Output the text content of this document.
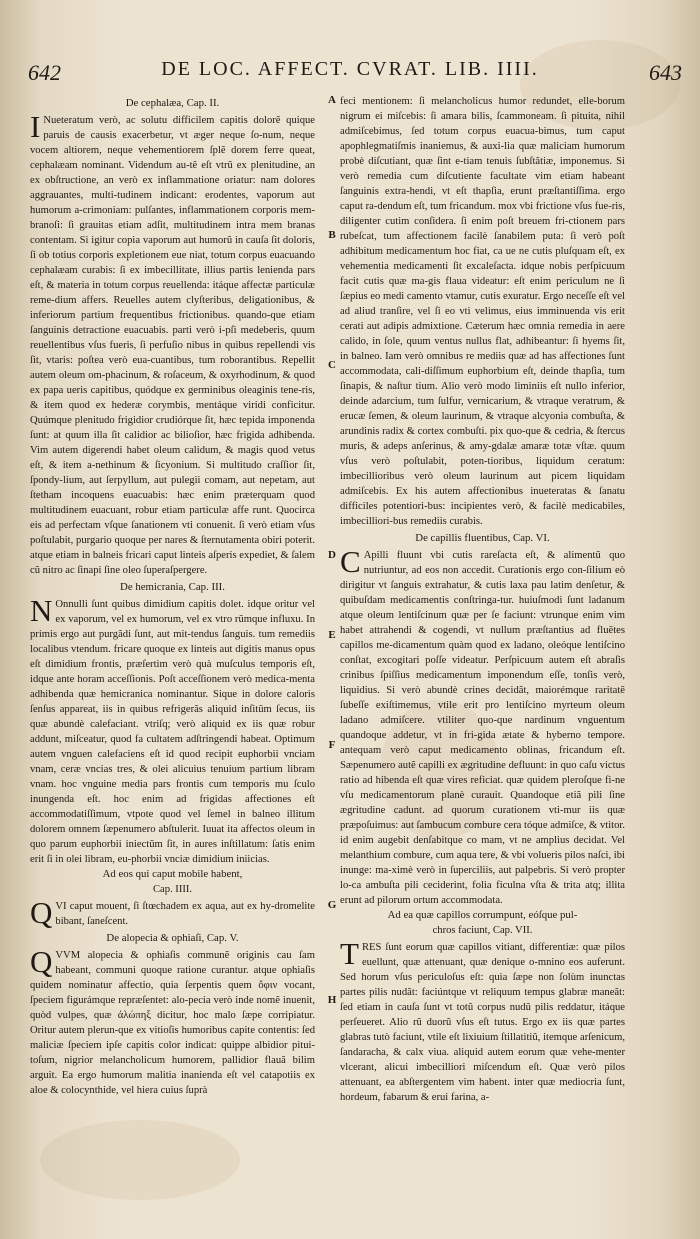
642	DE LOC. AFFECT. CVRAT. LIB. IIII.	643
De cephalæa, Cap. II.

INueteratum verò, ac solutu difficilem capitis dolorẽ quique paruis de causis exacerbetur, vt æger neque ſo-num, neque vocem altiorem, neque vehementiorem ſplẽ dorem ferre queat, cephalæam nominant. Videndum au-tẽ eſt vtrũ ex plenitudine, an ex obſtructione, an verò ex inflammatione oriatur: nam dolores aggrauantes, multi-tudinem indicant: erodentes, vaporum aut humorum a-crimoniam: pulſantes, inflammationem corporis mem-branoſi: ſi grauitas etiam adſit, multitudinem intra mem branas contentam. Si igitur copia vaporum aut humorũ in cauſa ſit doloris, ſi ob totius corporis expletionem eue niat, totum corpus euacuando cephalæam curabis: ſi ex imbecillitate, illius partis lenienda pars eſt, & materia in totum corpus reuellenda: itáque affectæ particulæ reme-dium affers. Reuelles autem clyſteribus, deligationibus, & inferiorum partium frequentibus frictionibus. quando-que etiam ſanguinis detractione euacuabis. parti verò i-pſi medeberis, quum reuellentibus vſus fueris, ſi perfuſio nibus in quibus repellendi vis ſit, vtaris: poſtea verò eua-cuantibus, tum roborantibus. Repellit autem oleum om-phacinum, & roſaceum, & oxyrhodinum, & quod ex papa ueris capitibus, quódque ex germinibus oleaginis tene-ris, & item quod ex hederæ corymbis, mentáque viridi conficitur. Quúmque plenitudo frigidior crudiórque ſit, hæc tepida imponenda ſunt: at quum illa ſit calidior ac bilioſior, hæc frigida adhibenda. Vim autem digerendi habet oleum calidum, & magis quod vetus eſt, & item a-nethinum & ſicyonium. Si multitudo craſſior ſit, ſpondy-lium, aut ſerpyllum, aut pulegii comam, aut nepetam, aut ſtetham incoquens euacuabis: hæc enim præterquam quod multitudinem euacuant, robur etiam particulæ affe runt. Quocirca eis ad perfectam vſque ſanationem vti conuenit. ſi verò etiam vſus poſtulabit, purgario quoque per nares & ſternutamenta obiri poterit. atque etiam in balneis fricari caput linteis aſperis expediet, & ſalem cũ nitro ac ſinapi ſine oleo ſuperaſpergere.

De hemicrania, Cap. III.

NOnnulli ſunt quibus dimidium capitis dolet. idque oritur vel ex vaporum, vel ex humorum, vel ex vtro rũmque influxu. In primis ergo aut purgãdi ſunt, aut mit-tendus ſanguis. tum remediis localibus vtendum. fricare quoque ex linteis aut digitis manus opus eſt dimidium frontis, præſertim verò quà muſculus temporis eſt, idque ante horam acceſſionis. Poſt acceſſionem verò medica-menta adhibenda quæ hemicranica nominantur. Sique in dolore caloris ſenſus appareat, iis in quibus refrigerãs aliquid inſitũm ſecus, iis quæ abundè calefaciant. vtriſq; verò aliquid ex iis quæ robur addunt, miſceatur, quod fa cultatem adſtringendi habeat. Optimum autem vnguen calefaciens eſt id quod recipit euphorbii vnciam vnam, ceræ vncias tres, & olei alicuius tenuium partium libram vnam. hoc vnguine media pars frontis cum temporis mu ſculo inungenda eſt. hoc enim ad frigidas affectiones eſt accommodatiſſimum, vtpote quod vel ſemel in balneo illitum dolorem omnem ſæpenumero abſtulerit. Iuuat ita affectos oleum in quo parum euphorbii iniectũm ſit, in aures inſtillatum: ſatis enim erit ſi in olei libram, eu-phorbii vnciæ dimidium iniicias.

Ad eos qui caput mobile habent,
Cap. IIII.

QVI caput mouent, ſi ſtœchadem ex aqua, aut ex hy-dromelite bibant, ſaneſcent.

De alopecia & ophiaſi, Cap. V.

QVVM alopecia & ophiaſis communẽ originis cau ſam habeant, communi quoque ratione curantur. atque ophiaſis quidem nominatur affectio, quia ſerpentis quem ὄφιν vocant, ſpeciem figurámque repræſentet: alo-pecia verò inde nomẽ inuenit, quòd vulpes, quæ ἀλώπηξ dicitur, hoc malo ſæpe corripiatur. Oritur autem plerun-que ex vitioſis humoribus capite contentis: ſed maliciæ ſpeciem ipſe capitis color indicat: quippe albidior pitui-toſum, nigrior melancholicum humorem, pallidior flauã bilim arguit. Ea ergo humorum malitia inanienda eſt vel catapotiis ex aloe & colocynthide, vel hiera cuius ſuprà

A
B
C
D
E
F
G
H

feci mentionem: ſi melancholicus humor redundet, elle-borum nigrum ei miſcebis: ſi amara bilis, ſcammoneam. ſi pituita, nihil admiſcebimus, ſed totum corpus euacua-bimus, tum caput apophlegmatiſmis inaniemus, & auxi-lia quæ maliciam humorum probè diſcutiant, quæ ſint e-tiam tenuis ſubſtãtiæ, imponemus. Si verò remedia cum diſcutiente facultate vim etiam habeant ſanguinis extra-hendi, vt eſt thapſia, erunt præſtantiſſima. ergo caput ra-dendum eſt, tum fricandum. mox vbi frictione vſus fue-ris, diligenter cutim conſidera. ſi enim poſt breuem fri-ctionem pars rubeſcat, tum affectionem facilè ſanabilem puta: ſi verò poſt adhibitum medicamentum hoc fiat, ca ue ne cutis pluſquam eſt, ex vehementia medicamenti ſit excaleſacta. idque nobis perſpicuum facit cutis quæ ma-gis flaua videatur: eſt enim periculum ne ſi ſæpius eo medi camento vtamur, cutis exuratur. Ergo neceſſe eſt vel ad aliud tranſire, vel ſi eo vti velimus, eius imminuenda vis erit cerati aut adipis admixtione. Cæterum hæc omnia remedia in aere calido, in ſole, quum ventus nullus flat, adhibeantur: ſi hyems ſit, in balneo. Iam verò omnibus re mediis quæ ad has affectiones ſunt accommodata, cali-diſſimum euphorbium eſt, deinde thapſia, tum ſinapis, & naſtur tium. Alio verò modo liminiis eſt nullo inferior, deinde adarcium, tum ſulfur, vernicarium, & vtraque veratrum, & erucæ ſemen, & oleum laurinum, & vtraque alcyonia combuſta, & arundinis radix & cortex combuſti. pix quo-que & cedria, & ſtercus muris, & adeps anſerinus, & amy-gdalæ amaræ totæ vſtæ. quum vſus verò poſtulabit, poten-tioribus, liquidum ceratum: imbecillioribus verò oleum laurinum aut picem liquidam admiſcebis. Ex his autem affectionibus inueteratas & ſanatu difficiles potentiori-bus: incipientes verò, & facilè medicabiles, imbecilliori-bus remediis curabis.

De capillis fluentibus, Cap. VI.

CApilli fluunt vbi cutis rareſacta eſt, & alimentũ quo nutriuntur, ad eos non accedit. Curationis ergo con-ſilium eò dirigitur vt ſanguis extrahatur, & cutis laxa pau latim denſetur, & quibuſdam medicamentis conſtringa-tur. huiuſmodi ſunt ladanum atque oleum lentiſcinum quæ per ſe faciunt: vtrunque enim vim habet attrahendi & cogendi, vt nullum præſtantius ad fluẽtes capillos me-dicamentum quàm quod ex ladano, oleóque lentiſcino conſtat, excogitari poſſe videatur. Perſpicuum autem eſt abraſis crinibus ſpiſſius medicamentum imponendum eſſe, tonſis verò, liquidius. Si verò abundè crines decidãt, maiorémque raritatẽ ſubeſſe exiſtimemus, vtile erit pro lentiſcino myrteum oleum ladano admiſcere. vtiliter quo-que nardinum vnguentum quandoque addetur, vt in fri-gida ætate & hyberno tempore. antequam verò caput medicamento oblinas, fricandum eſt. Sæpenumero autẽ capilli ex ægritudine defluunt: in quo caſu victus ratio ad hibenda eſt quæ vires reficiat. quæ quidem pleroſque fi-ne vſu medicamentorum planè curauit. Quandoque etiã pili ſine ægritudine cadunt. ad quorum curationem vti-mur iis quæ præpoſuimus: aut ſambucum combure cera tóque admiſce, & vtitor. id enim augebit denſabitque co mam, vt ne amplius decidat. Vel melanthium combure, cum aqua tere, & vbi volueris pilos naſci, ibi inunge: ma-ximè verò in ſuperciliis, aut palpebris. Si verò propter lo-ca ambuſta pili ceciderint, folia ficulna vſta & trita atq; illita erunt ad pilorum ortum accommodata.

Ad ea quæ capillos corrumpunt, eóſque pul-
chros faciunt, Cap. VII.

TRES ſunt eorum quæ capillos vitiant, differentiæ: quæ pilos euellunt, quæ attenuant, quæ denique o-mnino eos auferunt. Sed horum vſus periculoſus eſt: quia ſæpe non ſolùm inunctas partes pilis nudãt: faciúntque vt reliquum tempus glabræ maneãt: ſed etiam in cauſa ſunt vt totũ corpus nudũ pilis reddatur, itáque perſeueret. Alio rũ duorũ vſus eſt tutus. Ergo ex iis quæ partes glabras tutò faciunt, vtile eſt lixiuium ſtillatitiũ, itemque arſenicum, ſandaracha, & calx viua. aliquid autem eorum quæ vehe-menter vlcerant, alicui imbecilliori miſcendum eſt. Quæ verò pilos attenuant, ea abſtergentem vim habent. inter quæ mediocria ſunt, hordeum, fabarum & erui farina, a-
